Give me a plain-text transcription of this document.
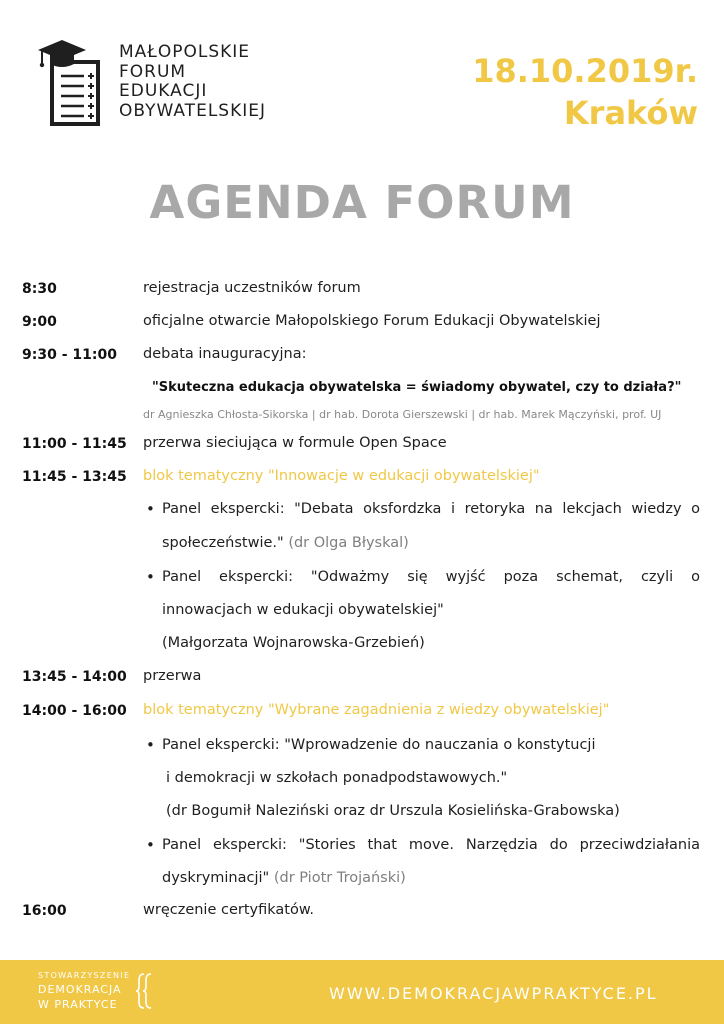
MAŁOPOLSKIE
FORUM
EDUKACJI
OBYWATELSKIEJ
18.10.2019r.
Kraków
AGENDA FORUM
8:30	rejestracja uczestników forum
9:00	oficjalne otwarcie Małopolskiego Forum Edukacji Obywatelskiej
9:30 - 11:00 debata inauguracyjna:
"Skuteczna edukacja obywatelska = świadomy obywatel, czy to działa?"
dr Agnieszka Chłosta-Sikorska | dr hab. Dorota Gierszewski | dr hab. Marek Mączyński, prof. UJ
11:00 - 11:45 przerwa sieciująca w formule Open Space
11:45 - 13:45 blok tematyczny "Innowacje w edukacji obywatelskiej"
• Panel ekspercki: "Debata oksfordzka i retoryka na lekcjach wiedzy o
społeczeństwie." (dr Olga Błyskal)
• Panel ekspercki: "Odważmy się wyjść poza schemat, czyli o
innowacjach w edukacji obywatelskiej"
(Małgorzata Wojnarowska-Grzebień)
13:45 - 14:00 przerwa
14:00 - 16:00 blok tematyczny "Wybrane zagadnienia z wiedzy obywatelskiej"
• Panel ekspercki: "Wprowadzenie do nauczania o konstytucji
i demokracji w szkołach ponadpodstawowych."
(dr Bogumił Naleziński oraz dr Urszula Kosielińska-Grabowska)
• Panel ekspercki: "Stories that move. Narzędzia do przeciwdziałania
dyskryminacji" (dr Piotr Trojański)
16:00	wręczenie certyfikatów.
STOWARZYSZENIE
DEMOKRACJA
W PRAKTYCE
WWW.DEMOKRACJAWPRAKTYCE.PL
